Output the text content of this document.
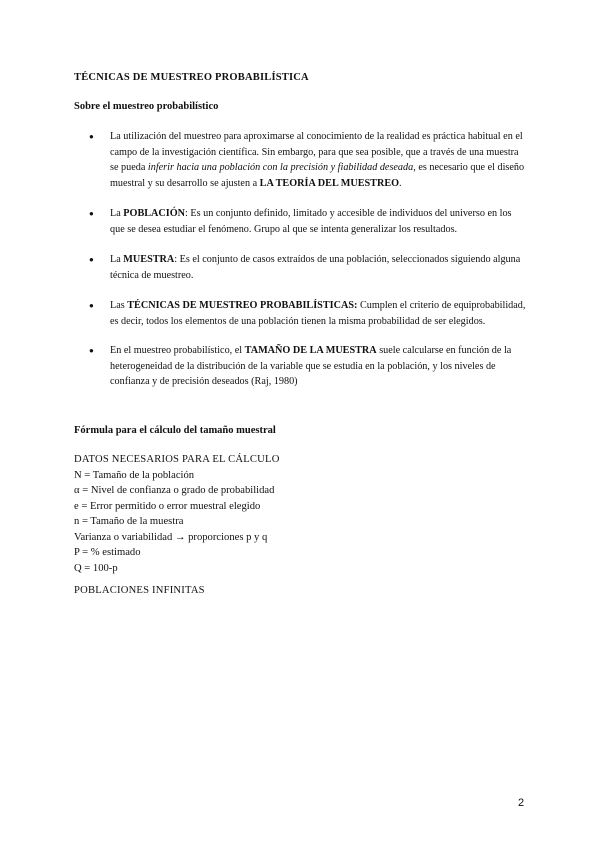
TÉCNICAS DE MUESTREO PROBABILÍSTICA
Sobre el muestreo probabilístico
● La utilización del muestreo para aproximarse al conocimiento de la realidad es práctica habitual en el campo de la investigación científica. Sin embargo, para que sea posible, que a través de una muestra se pueda inferir hacia una población con la precisión y fiabilidad deseada, es necesario que el diseño muestral y su desarrollo se ajusten a LA TEORÍA DEL MUESTREO.
● La POBLACIÓN: Es un conjunto definido, limitado y accesible de individuos del universo en los que se desea estudiar el fenómeno. Grupo al que se intenta generalizar los resultados.
● La MUESTRA: Es el conjunto de casos extraídos de una población, seleccionados siguiendo alguna técnica de muestreo.
● Las TÉCNICAS DE MUESTREO PROBABILÍSTICAS: Cumplen el criterio de equiprobabilidad, es decir, todos los elementos de una población tienen la misma probabilidad de ser elegidos.
● En el muestreo probabilístico, el TAMAÑO DE LA MUESTRA suele calcularse en función de la heterogeneidad de la distribución de la variable que se estudia en la población, y los niveles de confianza y de precisión deseados (Raj, 1980)
Fórmula para el cálculo del tamaño muestral
DATOS NECESARIOS PARA EL CÁLCULO
N = Tamaño de la población
α = Nivel de confianza o grado de probabilidad
e = Error permitido o error muestral elegido
n = Tamaño de la muestra
Varianza o variabilidad → proporciones p y q
P = % estimado
Q = 100-p
POBLACIONES INFINITAS
2
